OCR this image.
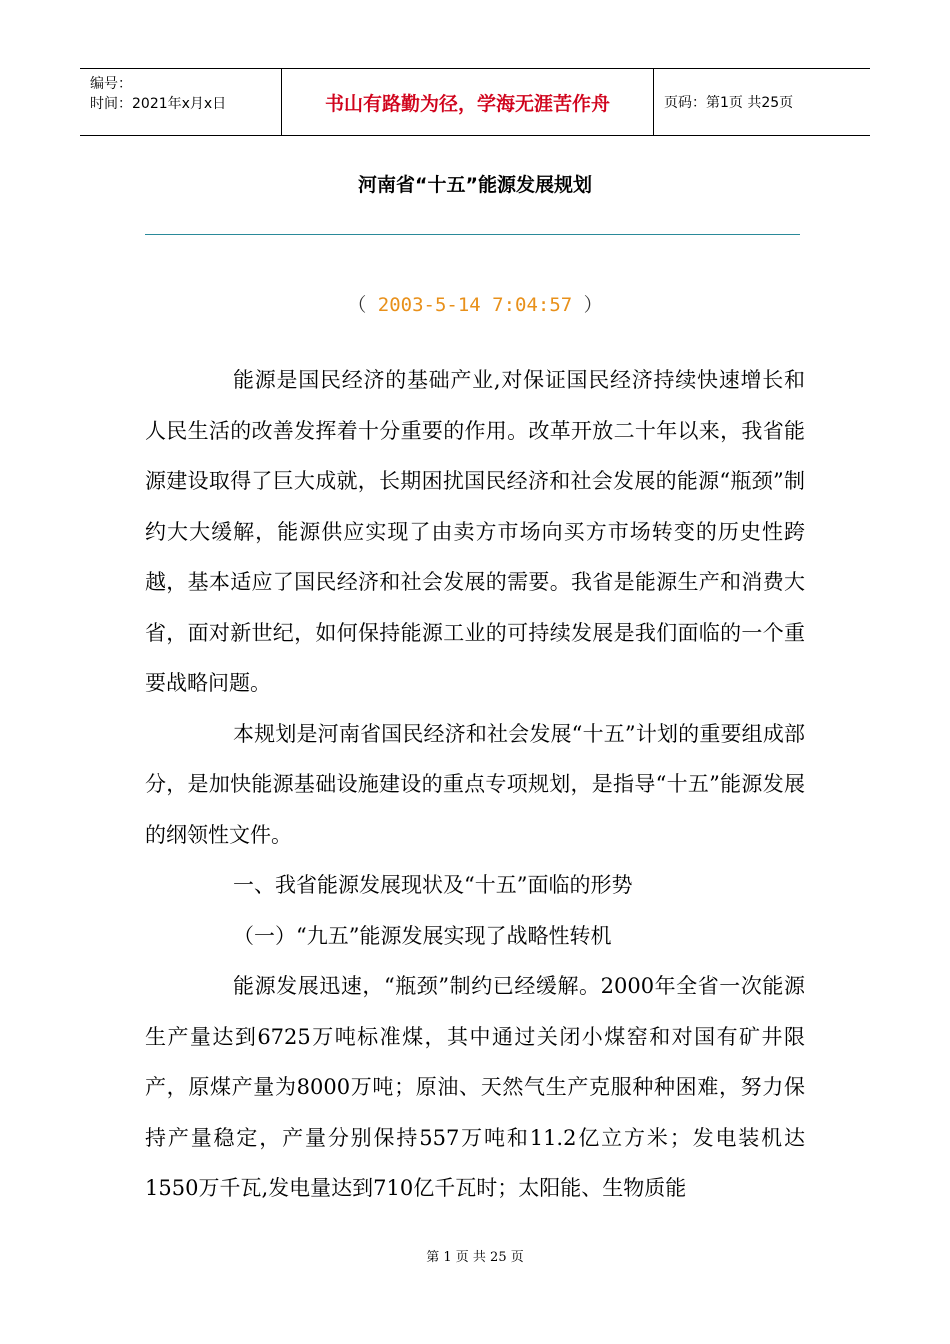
编号：
时间：2021年x月x日	书山有路勤为径，学海无涯苦作舟	页码：第1页 共25页
河南省“十五”能源发展规划
（ 2003-5-14 7:04:57 ）

能源是国民经济的基础产业,对保证国民经济持续快速增长和人民生活的改善发挥着十分重要的作用。改革开放二十年以来，我省能源建设取得了巨大成就，长期困扰国民经济和社会发展的能源“瓶颈”制约大大缓解，能源供应实现了由卖方市场向买方市场转变的历史性跨越，基本适应了国民经济和社会发展的需要。我省是能源生产和消费大省，面对新世纪，如何保持能源工业的可持续发展是我们面临的一个重要战略问题。

本规划是河南省国民经济和社会发展“十五”计划的重要组成部分，是加快能源基础设施建设的重点专项规划，是指导“十五”能源发展的纲领性文件。

一、我省能源发展现状及“十五”面临的形势

（一）“九五”能源发展实现了战略性转机

能源发展迅速，“瓶颈”制约已经缓解。2000年全省一次能源生产量达到6725万吨标准煤，其中通过关闭小煤窑和对国有矿井限产，原煤产量为8000万吨；原油、天然气生产克服种种困难，努力保持产量稳定，产量分别保持557万吨和11.2亿立方米；发电装机达1550万千瓦,发电量达到710亿千瓦时；太阳能、生物质能

第 1 页 共 25 页
